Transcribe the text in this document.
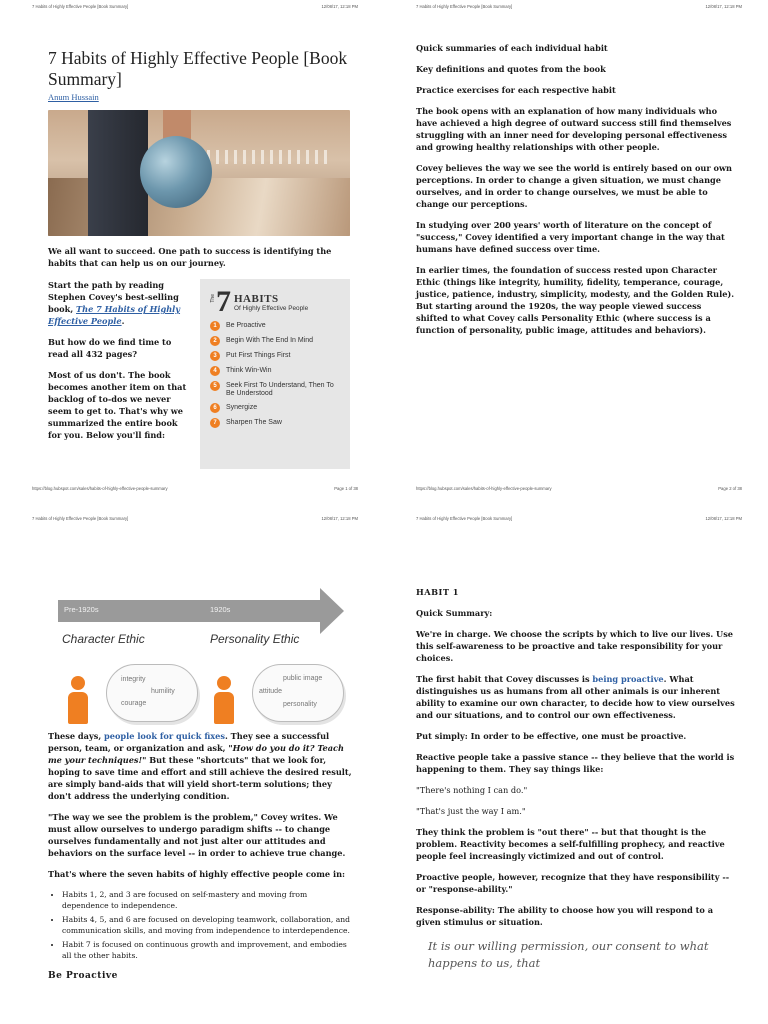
7 Habits of Highly Effective People [Book Summary]	12/08/17, 12:18 PM
7 Habits of Highly Effective People [Book Summary]
Anum Hussain

We all want to succeed. One path to success is identifying the habits that can help us on our journey.

Start the path by reading Stephen Covey's best-selling book, The 7 Habits of Highly Effective People.

But how do we find time to read all 432 pages?

Most of us don't. The book becomes another item on that backlog of to-dos we never seem to get to. That's why we summarized the entire book for you. Below you'll find:

The 7 HABITS
Of Highly Effective People
1	Be Proactive
2	Begin With The End In Mind
3	Put First Things First
4	Think Win-Win
5	Seek First To Understand, Then To Be Understood
6	Synergize
7	Sharpen The Saw
https://blog.hubspot.com/sales/habits-of-highly-effective-people-summary	Page 1 of 38
7 Habits of Highly Effective People [Book Summary]	12/08/17, 12:18 PM

Quick summaries of each individual habit

Key definitions and quotes from the book

Practice exercises for each respective habit

The book opens with an explanation of how many individuals who have achieved a high degree of outward success still find themselves struggling with an inner need for developing personal effectiveness and growing healthy relationships with other people.

Covey believes the way we see the world is entirely based on our own perceptions. In order to change a given situation, we must change ourselves, and in order to change ourselves, we must be able to change our perceptions.

In studying over 200 years' worth of literature on the concept of "success," Covey identified a very important change in the way that humans have defined success over time.

In earlier times, the foundation of success rested upon Character Ethic (things like integrity, humility, fidelity, temperance, courage, justice, patience, industry, simplicity, modesty, and the Golden Rule). But starting around the 1920s, the way people viewed success shifted to what Covey calls Personality Ethic (where success is a function of personality, public image, attitudes and behaviors).

https://blog.hubspot.com/sales/habits-of-highly-effective-people-summary	Page 2 of 38
7 Habits of Highly Effective People [Book Summary]	12/08/17, 12:18 PM
Pre-1920s	1920s
Character Ethic	Personality Ethic
integrity
humility
courage
public image
attitude
personality

These days, people look for quick fixes. They see a successful person, team, or organization and ask, "How do you do it? Teach me your techniques!" But these "shortcuts" that we look for, hoping to save time and effort and still achieve the desired result, are simply band-aids that will yield short-term solutions; they don't address the underlying condition.

"The way we see the problem is the problem," Covey writes. We must allow ourselves to undergo paradigm shifts -- to change ourselves fundamentally and not just alter our attitudes and behaviors on the surface level -- in order to achieve true change.

That's where the seven habits of highly effective people come in:

• Habits 1, 2, and 3 are focused on self-mastery and moving from dependence to independence.
• Habits 4, 5, and 6 are focused on developing teamwork, collaboration, and communication skills, and moving from independence to interdependence.
• Habit 7 is focused on continuous growth and improvement, and embodies all the other habits.
Be Proactive
7 Habits of Highly Effective People [Book Summary]	12/08/17, 12:18 PM

HABIT 1

Quick Summary:

We're in charge. We choose the scripts by which to live our lives. Use this self-awareness to be proactive and take responsibility for your choices.

The first habit that Covey discusses is being proactive. What distinguishes us as humans from all other animals is our inherent ability to examine our own character, to decide how to view ourselves and our situations, and to control our own effectiveness.

Put simply: In order to be effective, one must be proactive.

Reactive people take a passive stance -- they believe that the world is happening to them. They say things like:

"There's nothing I can do."

"That's just the way I am."

They think the problem is "out there" -- but that thought is the problem. Reactivity becomes a self-fulfilling prophecy, and reactive people feel increasingly victimized and out of control.

Proactive people, however, recognize that they have responsibility -- or "response-ability."

Response-ability: The ability to choose how you will respond to a given stimulus or situation.

It is our willing permission, our consent to what happens to us, that
